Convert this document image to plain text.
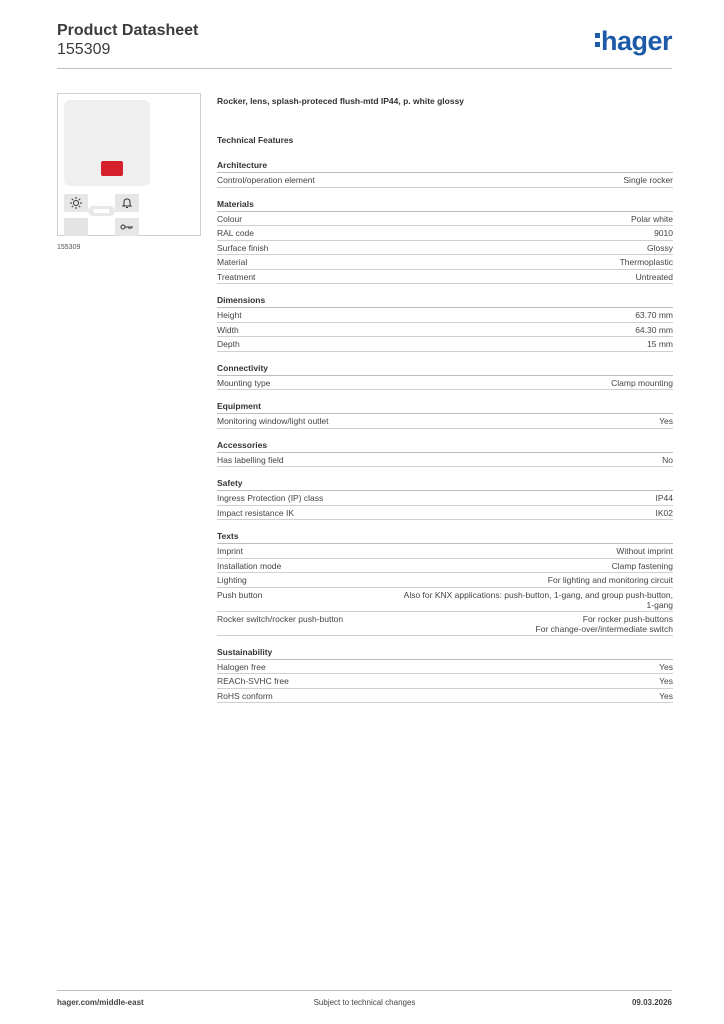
Product Datasheet
155309	hager
155309
Rocker, lens, splash-proteced flush-mtd IP44, p. white glossy
Technical Features
Architecture
Control/operation element	Single rocker
Materials
Colour	Polar white
RAL code	9010
Surface finish	Glossy
Material	Thermoplastic
Treatment	Untreated
Dimensions
Height	63.70 mm
Width	64.30 mm
Depth	15 mm
Connectivity
Mounting type	Clamp mounting
Equipment
Monitoring window/light outlet	Yes
Accessories
Has labelling field	No
Safety
Ingress Protection (IP) class	IP44
Impact resistance IK	IK02
Texts
Imprint	Without imprint
Installation mode	Clamp fastening
Lighting	For lighting and monitoring circuit
Push button	Also for KNX applications: push-button, 1-gang, and group push-button,
1-gang
Rocker switch/rocker push-button	For rocker push-buttons
For change-over/intermediate switch
Sustainability
Halogen free	Yes
REACh-SVHC free	Yes
RoHS conform	Yes
hager.com/middle-east	Subject to technical changes	09.03.2026
